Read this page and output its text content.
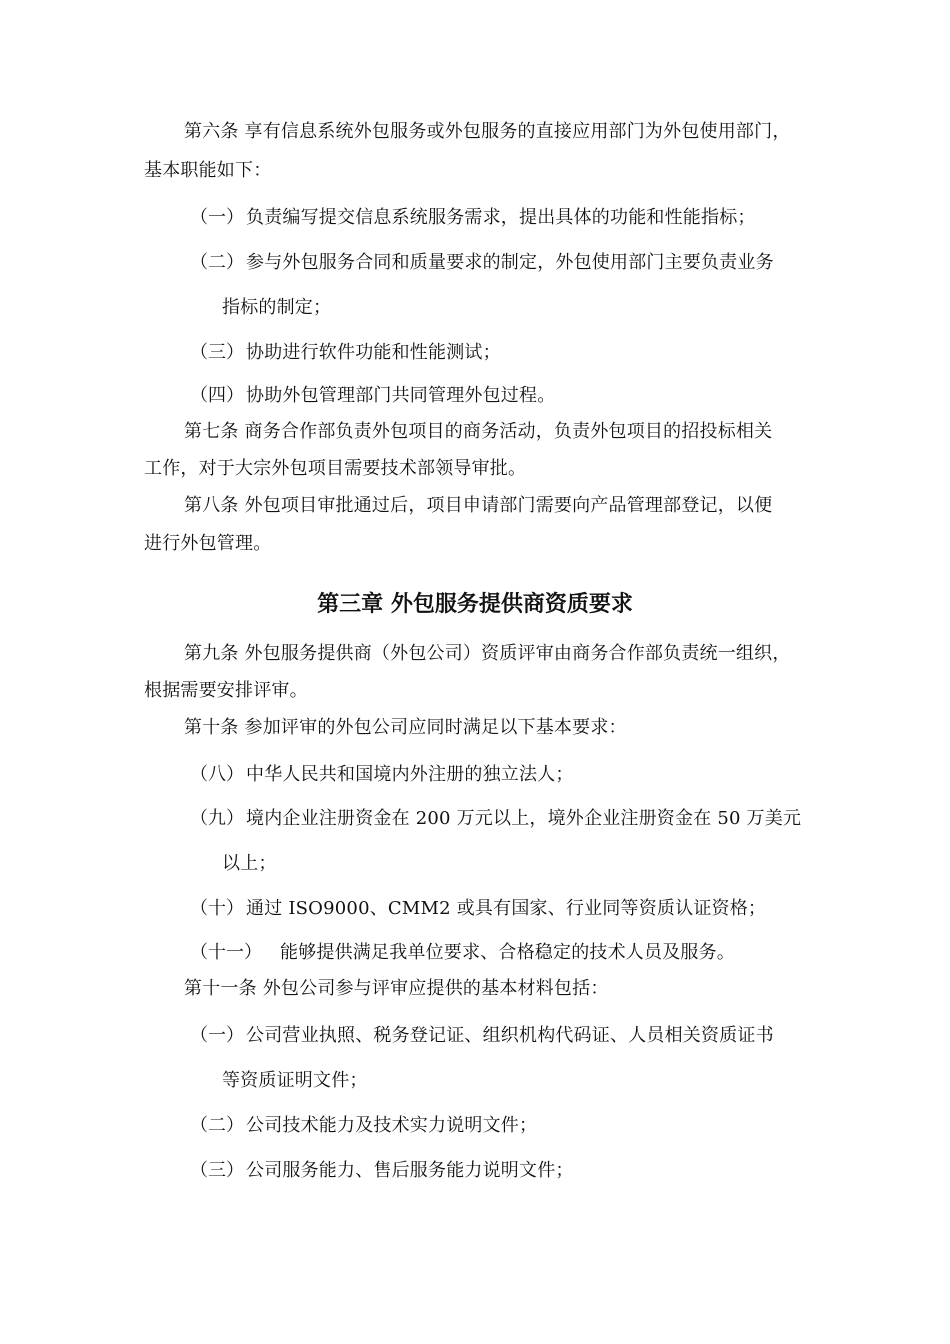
第六条 享有信息系统外包服务或外包服务的直接应用部门为外包使用部门，
基本职能如下：
（一） 负责编写提交信息系统服务需求，提出具体的功能和性能指标；
（二） 参与外包服务合同和质量要求的制定，外包使用部门主要负责业务
指标的制定；
（三） 协助进行软件功能和性能测试；
（四） 协助外包管理部门共同管理外包过程。
第七条 商务合作部负责外包项目的商务活动，负责外包项目的招投标相关
工作，对于大宗外包项目需要技术部领导审批。
第八条 外包项目审批通过后，项目申请部门需要向产品管理部登记，以便
进行外包管理。
第三章 外包服务提供商资质要求
第九条 外包服务提供商（外包公司）资质评审由商务合作部负责统一组织，
根据需要安排评审。
第十条 参加评审的外包公司应同时满足以下基本要求：
（八） 中华人民共和国境内外注册的独立法人；
（九） 境内企业注册资金在 200 万元以上，境外企业注册资金在 50 万美元
以上；
（十） 通过 ISO9000、CMM2 或具有国家、行业同等资质认证资格；
（十一） 能够提供满足我单位要求、合格稳定的技术人员及服务。
第十一条 外包公司参与评审应提供的基本材料包括：
（一） 公司营业执照、税务登记证、组织机构代码证、人员相关资质证书
等资质证明文件；
（二） 公司技术能力及技术实力说明文件；
（三） 公司服务能力、售后服务能力说明文件；
